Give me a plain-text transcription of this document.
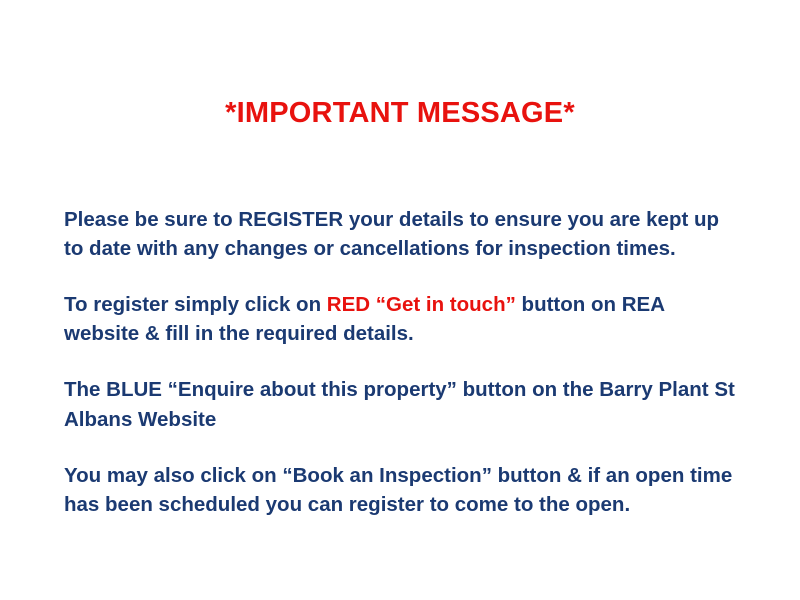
*IMPORTANT MESSAGE*

Please be sure to REGISTER your details to ensure you are kept up to date with any changes or cancellations for inspection times.

To register simply click on RED “Get in touch” button on REA website & fill in the required details.

The BLUE “Enquire about this property” button on the Barry Plant St Albans Website

You may also click on “Book an Inspection” button & if an open time has been scheduled you can register to come to the open.
